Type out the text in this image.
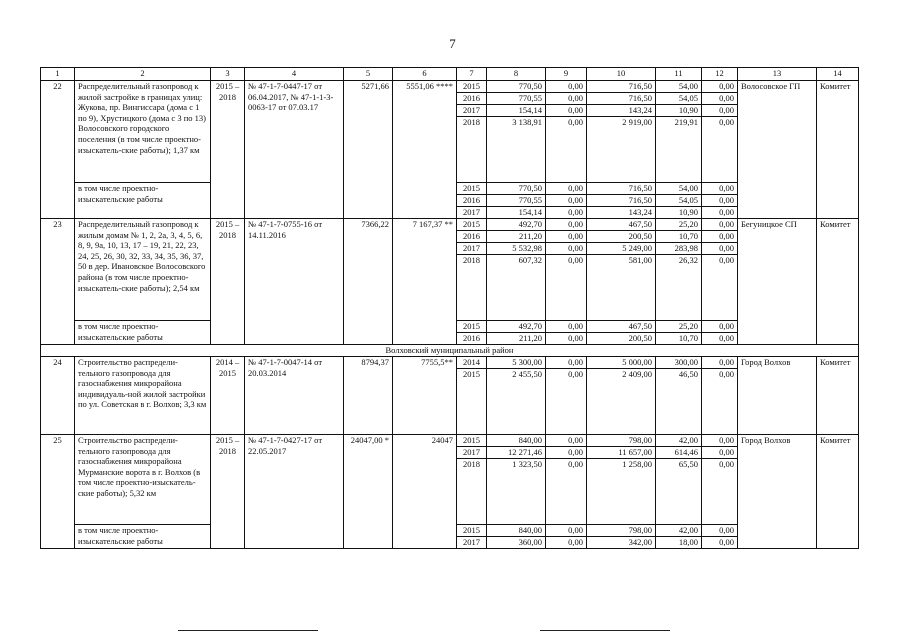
7
1	2	3	4	5	6	7	8	9	10	11	12	13	14
22	Распределительный газопровод к жилой застройке в границах улиц: Жукова, пр. Вингиссара (дома с 1 по 9), Хрустицкого (дома с 3 по 13) Волосовского городского поселения (в том числе проектно-изыскатель-ские работы); 1,37 км	2015 – 2018	№ 47-1-7-0447-17 от 06.04.2017, № 47-1-1-3-0063-17 от 07.03.17	5271,66	5551,06 ****	2015	770,50	0,00	716,50	54,00	0,00	Волосовское ГП	Комитет
						2016	770,55	0,00	716,50	54,05	0,00		
						2017	154,14	0,00	143,24	10,90	0,00		
						2018	3 138,91	0,00	2 919,00	219,91	0,00		
	в том числе проектно-изыскательские работы					2015	770,50	0,00	716,50	54,00	0,00		
						2016	770,55	0,00	716,50	54,05	0,00		
						2017	154,14	0,00	143,24	10,90	0,00		
23	Распределительный газопровод к жилым домам № 1, 2, 2а, 3, 4, 5, 6, 8, 9, 9а, 10, 13, 17 – 19, 21, 22, 23, 24, 25, 26, 30, 32, 33, 34, 35, 36, 37, 50 в дер. Ивановское Волосовского района (в том числе проектно-изыскатель-ские работы); 2,54 км	2015 – 2018	№ 47-1-7-0755-16 от 14.11.2016	7366,22	7 167,37 **	2015	492,70	0,00	467,50	25,20	0,00	Бегуницкое СП	Комитет
						2016	211,20	0,00	200,50	10,70	0,00		
						2017	5 532,98	0,00	5 249,00	283,98	0,00		
						2018	607,32	0,00	581,00	26,32	0,00		
	в том числе проектно-изыскательские работы					2015	492,70	0,00	467,50	25,20	0,00		
						2016	211,20	0,00	200,50	10,70	0,00		
Волховский муниципальный район													
24	Строительство распредели-тельного газопровода для газоснабжения микрорайона индивидуаль-ной жилой застройки по ул. Советская в г. Волхов; 3,3 км	2014 – 2015	№ 47-1-7-0047-14 от 20.03.2014	8794,37	7755,5**	2014	5 300,00	0,00	5 000,00	300,00	0,00	Город Волхов	Комитет
						2015	2 455,50	0,00	2 409,00	46,50	0,00		
25	Строительство распредели-тельного газопровода для газоснабжения микрорайона Мурманские ворота в г. Волхов (в том числе проектно-изыскатель-ские работы); 5,32 км	2015 – 2018	№ 47-1-7-0427-17 от 22.05.2017	24047,00 *	24047	2015	840,00	0,00	798,00	42,00	0,00	Город Волхов	Комитет
						2017	12 271,46	0,00	11 657,00	614,46	0,00		
						2018	1 323,50	0,00	1 258,00	65,50	0,00		
	в том числе проектно-изыскательские работы					2015	840,00	0,00	798,00	42,00	0,00		
						2017	360,00	0,00	342,00	18,00	0,00		
